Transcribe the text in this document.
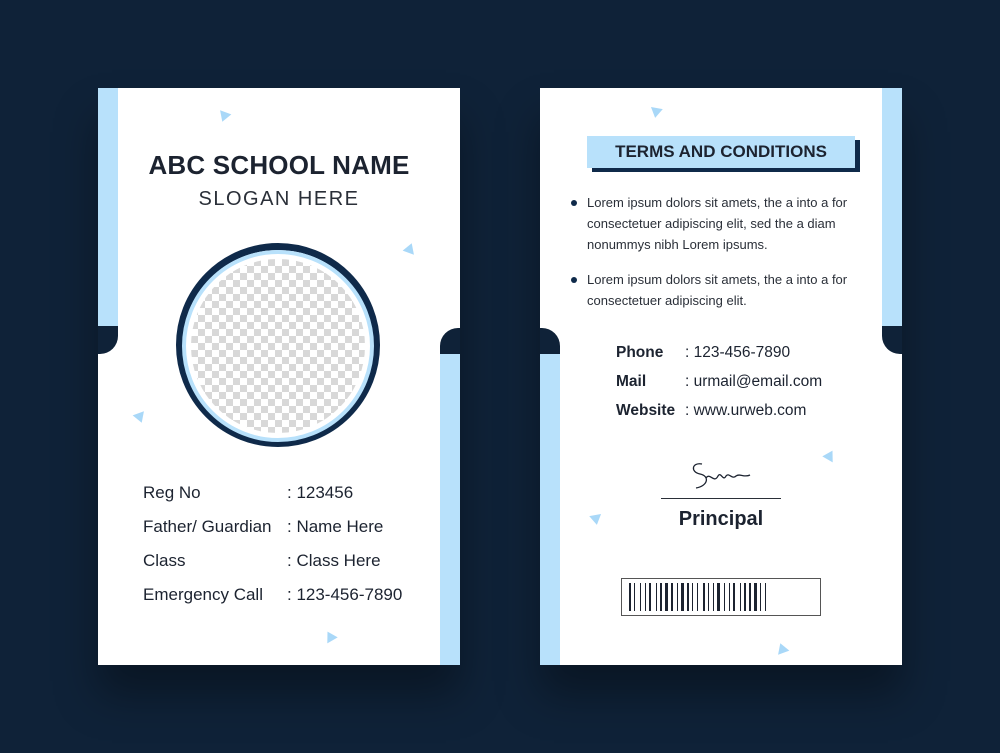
ABC SCHOOL NAME
SLOGAN HERE
Reg No	: 123456
Father/ Guardian : Name Here
Class	: Class Here
Emergency Call	: 123-456-7890
TERMS AND CONDITIONS
Lorem ipsum dolors sit amets, the a into a for consectetuer adipiscing elit, sed the a diam nonummys nibh Lorem ipsums.
Lorem ipsum dolors sit amets, the a into a for consectetuer adipiscing elit.
Phone	: 123-456-7890
Mail	: urmail@email.com
Website : www.urweb.com
Principal
